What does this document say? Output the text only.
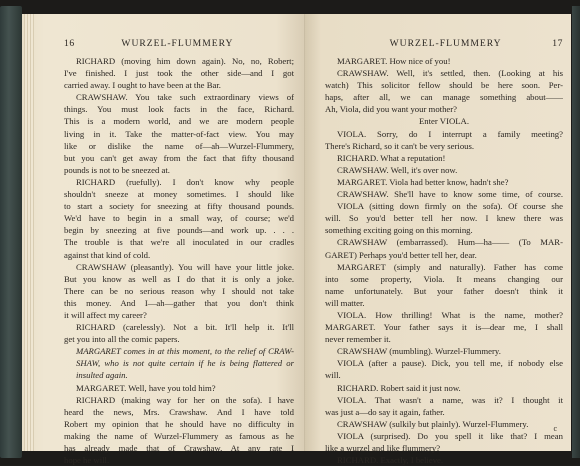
16	WURZEL-FLUMMERY
RICHARD (moving him down again). No, no, Robert;
I've finished. I just took the other side—and I got
carried away. I ought to have been at the Bar.
CRAWSHAW. You take such extraordinary views of
things. You must look facts in the face, Richard.
This is a modern world, and we are modern people
living in it. Take the matter-of-fact view. You may
like or dislike the name of—ah—Wurzel-Flummery,
but you can't get away from the fact that fifty thousand
pounds is not to be sneezed at.
RICHARD (ruefully). I don't know why people
shouldn't sneeze at money sometimes. I should like
to start a society for sneezing at fifty thousand pounds.
We'd have to begin in a small way, of course; we'd
begin by sneezing at five pounds—and work up. . . .
The trouble is that we're all inoculated in our cradles
against that kind of cold.
CRAWSHAW (pleasantly). You will have your little joke.
But you know as well as I do that it is only a joke.
There can be no serious reason why I should not take
this money. And I—ah—gather that you don't think
it will affect my career?
RICHARD (carelessly). Not a bit. It'll help it. It'll
get you into all the comic papers.
MARGARET comes in at this moment, to the relief of CRAW-
SHAW, who is not quite certain if he is being flattered or
insulted again.
MARGARET. Well, have you told him?
RICHARD (making way for her on the sofa). I have
heard the news, Mrs. Crawshaw. And I have told
Robert my opinion that he should have no difficulty in
making the name of Wurzel-Flummery as famous as he
has already made that of Crawshaw. At any rate I
hope he will.
WURZEL-FLUMMERY	17
MARGARET. How nice of you!
CRAWSHAW. Well, it's settled, then. (Looking at his
watch) This solicitor fellow should be here soon. Per-
haps, after all, we can manage something about——
Ah, Viola, did you want your mother?
Enter VIOLA.
VIOLA. Sorry, do I interrupt a family meeting?
There's Richard, so it can't be very serious.
RICHARD. What a reputation!
CRAWSHAW. Well, it's over now.
MARGARET. Viola had better know, hadn't she?
CRAWSHAW. She'll have to know some time, of course.
VIOLA (sitting down firmly on the sofa). Of course she
will. So you'd better tell her now. I knew there was
something exciting going on this morning.
CRAWSHAW (embarrassed). Hum—ha—— (To MAR-
GARET) Perhaps you'd better tell her, dear.
MARGARET (simply and naturally). Father has come
into some property, Viola. It means changing our
name unfortunately. But your father doesn't think it
will matter.
VIOLA. How thrilling! What is the name, mother?
MARGARET. Your father says it is—dear me, I shall
never remember it.
CRAWSHAW (mumbling). Wurzel-Flummery.
VIOLA (after a pause). Dick, you tell me, if nobody else
will.
RICHARD. Robert said it just now.
VIOLA. That wasn't a name, was it? I thought it
was just a—do say it again, father.
CRAWSHAW (sulkily but plainly). Wurzel-Flummery.
VIOLA (surprised). Do you spell it like that? I mean
like a wurzel and like flummery?
RICHARD. Exactly, I believe.
c
